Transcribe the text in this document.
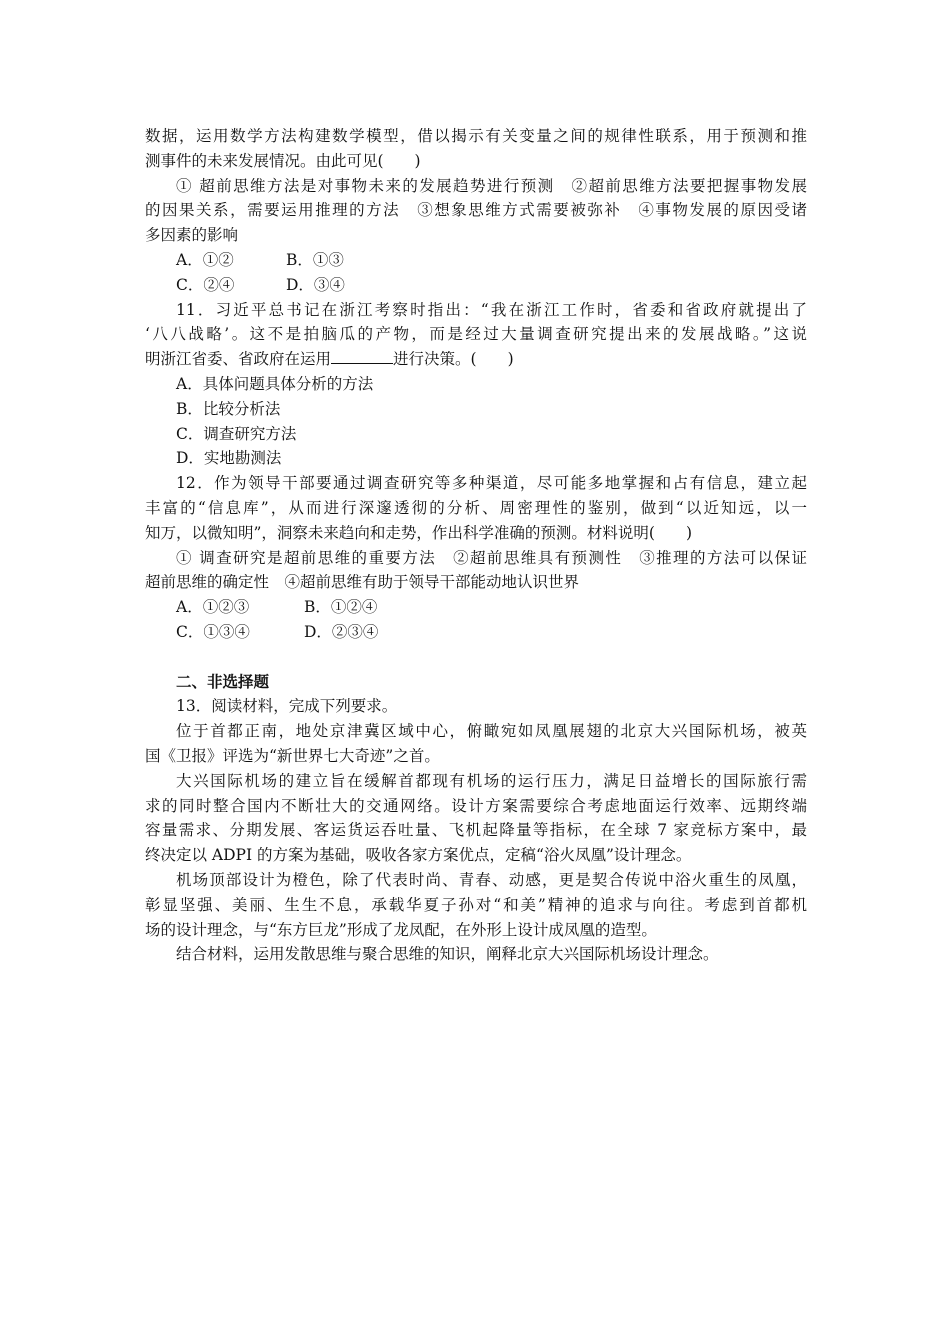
数据，运用数学方法构建数学模型，借以揭示有关变量之间的规律性联系，用于预测和推
测事件的未来发展情况。由此可见(　　)
① 超前思维方法是对事物未来的发展趋势进行预测　②超前思维方法要把握事物发展
的因果关系，需要运用推理的方法　③想象思维方式需要被弥补　④事物发展的原因受诸
多因素的影响
A．①②	B．①③
C．②④	D．③④
11．习近平总书记在浙江考察时指出：“我在浙江工作时，省委和省政府就提出了
‘八八战略’。这不是拍脑瓜的产物，而是经过大量调查研究提出来的发展战略。”这说
明浙江省委、省政府在运用	进行决策。(　　)
A．具体问题具体分析的方法
B．比较分析法
C．调查研究方法
D．实地勘测法
12．作为领导干部要通过调查研究等多种渠道，尽可能多地掌握和占有信息，建立起
丰富的“信息库”，从而进行深邃透彻的分析、周密理性的鉴别，做到“以近知远，以一
知万，以微知明”，洞察未来趋向和走势，作出科学准确的预测。材料说明(　　)
① 调查研究是超前思维的重要方法　②超前思维具有预测性　③推理的方法可以保证
超前思维的确定性　④超前思维有助于领导干部能动地认识世界
A．①②③	B．①②④
C．①③④	D．②③④
二、非选择题
13．阅读材料，完成下列要求。
位于首都正南，地处京津冀区域中心，俯瞰宛如凤凰展翅的北京大兴国际机场，被英
国《卫报》评选为“新世界七大奇迹”之首。
大兴国际机场的建立旨在缓解首都现有机场的运行压力，满足日益增长的国际旅行需
求的同时整合国内不断壮大的交通网络。设计方案需要综合考虑地面运行效率、远期终端
容量需求、分期发展、客运货运吞吐量、飞机起降量等指标，在全球 7 家竞标方案中，最
终决定以 ADPI 的方案为基础，吸收各家方案优点，定稿“浴火凤凰”设计理念。
机场顶部设计为橙色，除了代表时尚、青春、动感，更是契合传说中浴火重生的凤凰，
彰显坚强、美丽、生生不息，承载华夏子孙对“和美”精神的追求与向往。考虑到首都机
场的设计理念，与“东方巨龙”形成了龙凤配，在外形上设计成凤凰的造型。
结合材料，运用发散思维与聚合思维的知识，阐释北京大兴国际机场设计理念。
